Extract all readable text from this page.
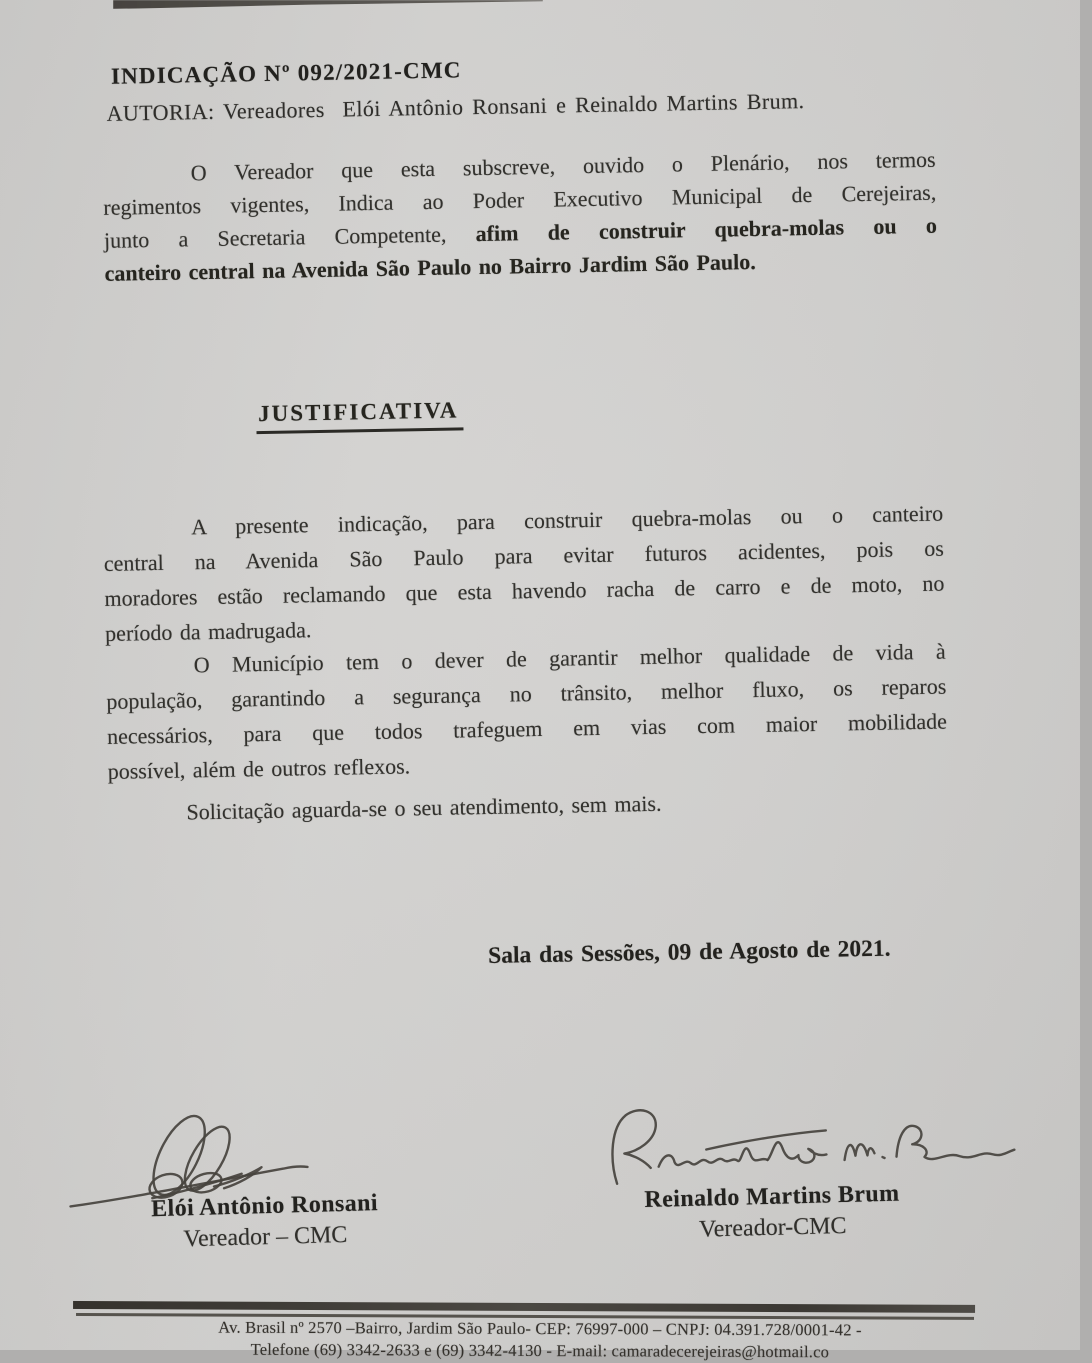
INDICAÇÃO Nº 092/2021-CMC
AUTORIA: Vereadores  Elói Antônio Ronsani e Reinaldo Martins Brum.
O Vereador que esta subscreve, ouvido o Plenário, nos termos
regimentos vigentes, Indica ao Poder Executivo Municipal de Cerejeiras,
junto a Secretaria Competente, afim de construir quebra-molas ou o
canteiro central na Avenida São Paulo no Bairro Jardim São Paulo.
JUSTIFICATIVA
A presente indicação, para construir quebra-molas ou o canteiro
central na Avenida São Paulo para evitar futuros acidentes, pois os
moradores estão reclamando que esta havendo racha de carro e de moto, no
período da madrugada.
O Município tem o dever de garantir melhor qualidade de vida à
população, garantindo a segurança no trânsito, melhor fluxo, os reparos
necessários, para que todos trafeguem em vias com maior mobilidade
possível, além de outros reflexos.
Solicitação aguarda-se o seu atendimento, sem mais.
Sala das Sessões, 09 de Agosto de 2021.
Elói Antônio Ronsani
Vereador – CMC
Reinaldo Martins Brum
Vereador-CMC
Av. Brasil nº 2570 –Bairro, Jardim São Paulo- CEP: 76997-000 – CNPJ: 04.391.728/0001-42 -
Telefone (69) 3342-2633 e (69) 3342-4130 - E-mail: camaradecerejeiras@hotmail.co
